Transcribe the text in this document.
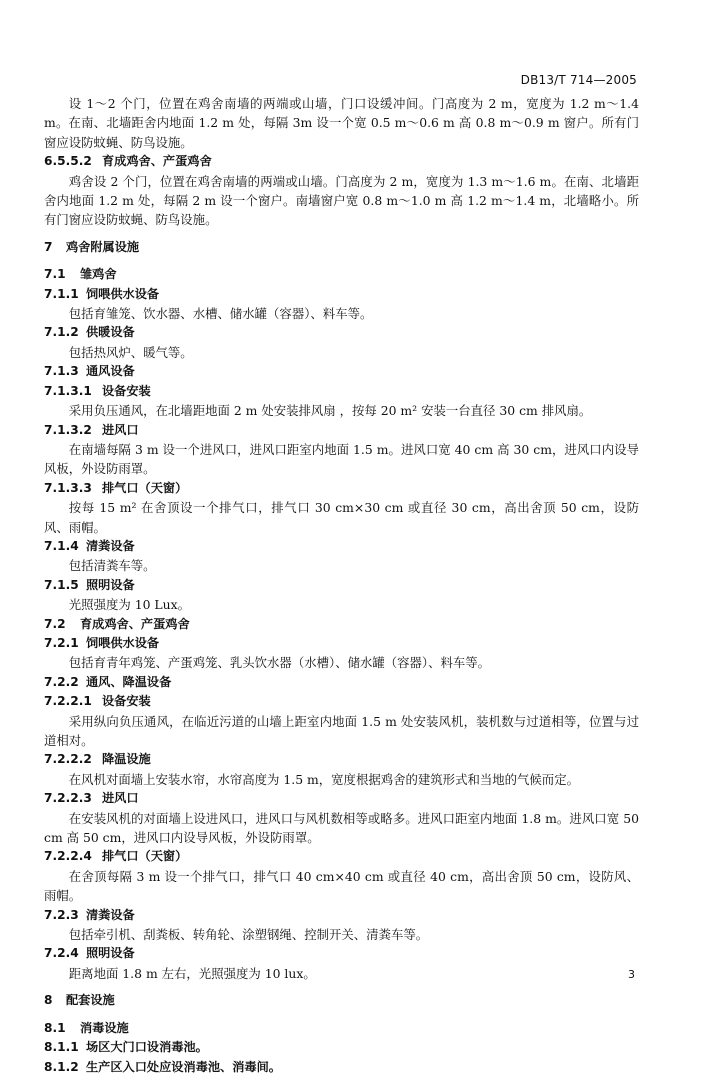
DB13/T 714—2005

设 1～2 个门，位置在鸡舍南墙的两端或山墙，门口设缓冲间。门高度为 2 m，宽度为 1.2 m～1.4 m。在南、北墙距舍内地面 1.2 m 处，每隔 3m 设一个宽 0.5 m～0.6 m 高 0.8 m～0.9 m 窗户。所有门窗应设防蚊蝇、防鸟设施。

6.5.5.2 育成鸡舍、产蛋鸡舍

鸡舍设 2 个门，位置在鸡舍南墙的两端或山墙。门高度为 2 m，宽度为 1.3 m～1.6 m。在南、北墙距舍内地面 1.2 m 处，每隔 2 m 设一个窗户。南墙窗户宽 0.8 m～1.0 m 高 1.2 m～1.4 m，北墙略小。所有门窗应设防蚊蝇、防鸟设施。

7 鸡舍附属设施

7.1 雏鸡舍

7.1.1 饲喂供水设备

包括育雏笼、饮水器、水槽、储水罐（容器）、料车等。

7.1.2 供暖设备

包括热风炉、暖气等。

7.1.3 通风设备

7.1.3.1 设备安装

采用负压通风，在北墙距地面 2 m 处安装排风扇 ，按每 20 m² 安装一台直径 30 cm 排风扇。

7.1.3.2 进风口

在南墙每隔 3 m 设一个进风口，进风口距室内地面 1.5 m。进风口宽 40 cm 高 30 cm，进风口内设导风板，外设防雨罩。

7.1.3.3 排气口（天窗）

按每 15 m² 在舍顶设一个排气口，排气口 30 cm×30 cm 或直径 30 cm，高出舍顶 50 cm，设防风、雨帽。

7.1.4 清粪设备

包括清粪车等。

7.1.5 照明设备

光照强度为 10 Lux。

7.2 育成鸡舍、产蛋鸡舍

7.2.1 饲喂供水设备

包括育青年鸡笼、产蛋鸡笼、乳头饮水器（水槽）、储水罐（容器）、料车等。

7.2.2 通风、降温设备

7.2.2.1 设备安装

采用纵向负压通风，在临近污道的山墙上距室内地面 1.5 m 处安装风机，装机数与过道相等，位置与过道相对。

7.2.2.2 降温设施

在风机对面墙上安装水帘，水帘高度为 1.5 m，宽度根据鸡舍的建筑形式和当地的气候而定。

7.2.2.3 进风口

在安装风机的对面墙上设进风口，进风口与风机数相等或略多。进风口距室内地面 1.8 m。进风口宽 50 cm 高 50 cm，进风口内设导风板，外设防雨罩。

7.2.2.4 排气口（天窗）

在舍顶每隔 3 m 设一个排气口，排气口 40 cm×40 cm 或直径 40 cm，高出舍顶 50 cm，设防风、雨帽。

7.2.3 清粪设备

包括牵引机、刮粪板、转角轮、涂塑钢绳、控制开关、清粪车等。

7.2.4 照明设备

距离地面 1.8 m 左右，光照强度为 10 lux。

8 配套设施

8.1 消毒设施

8.1.1 场区大门口设消毒池。

8.1.2 生产区入口处应设消毒池、消毒间。

3
